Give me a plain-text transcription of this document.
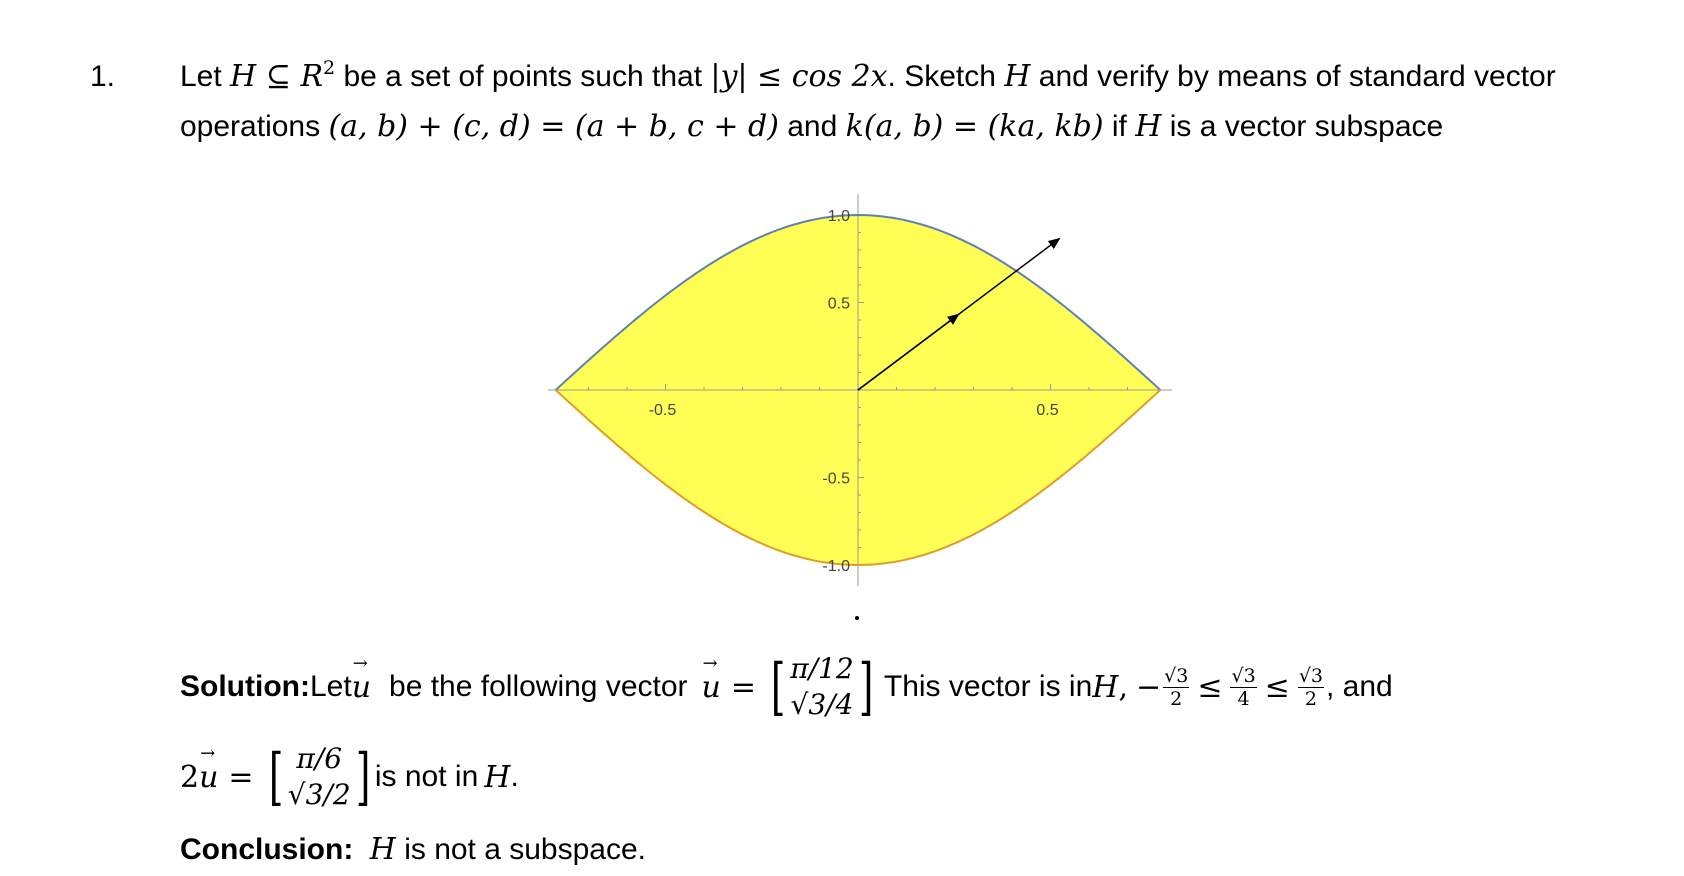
1. Let H ⊆ $R^2$ be a set of points such that |y| ≤ cos 2x. Sketch H and verify by means of standard vector operations (a, b) + (c, d) = (a + b, c + d) and k(a, b) = (ka, kb) if H is a vector subspace
-0.5	0.5
1.0
0.5
-0.5
-1.0
Solution: Let u → be the following vector u → = [ π/12
√3/4 ] This vector is in H , − $\frac{√3}{2} \le \frac{√3}{4} \le \frac{√3}{2}$ , and
2 u → = [ π/6
√3/2 ] is not in H .
Conclusion: H is not a subspace.
